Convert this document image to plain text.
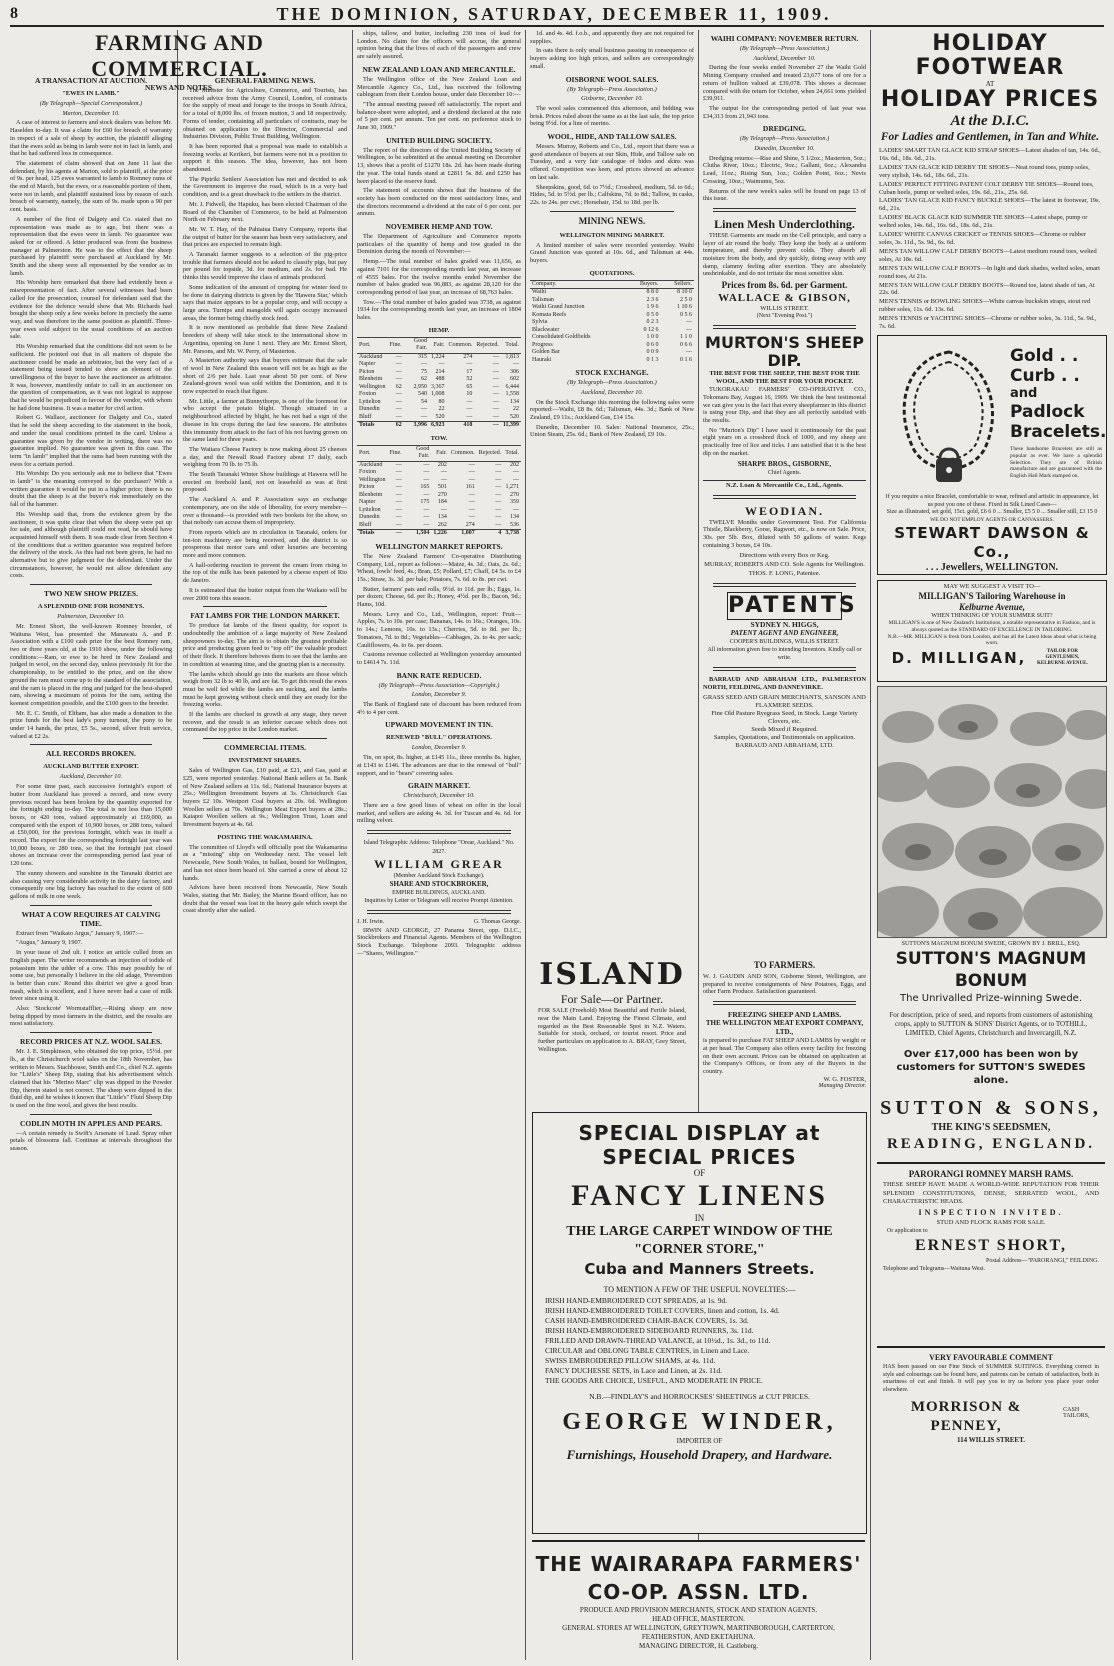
8	THE DOMINION, SATURDAY, DECEMBER 11, 1909.
FARMING AND COMMERCIAL.
NEWS AND NOTES.
A TRANSACTION AT AUCTION.
"EWES IN LAMB."
(By Telegraph—Special Correspondent.)
Marton, December 10.

A case of interest to farmers and stock dealers was before Mr. Haselden to-day. It was a claim for £60 for breach of warranty in respect of a sale of sheep by auction, the plaintiff alleging that the ewes sold as being in lamb were not in fact in lamb, and that he had suffered loss in consequence.

The statement of claim showed that on June 11 last the defendant, by his agents at Marton, sold to plaintiff, at the price of 9s. per head, 125 ewes warranted to lamb to Romney rams of the end of March, but the ewes, or a reasonable portion of them, were not in lamb, and plaintiff sustained loss by reason of such breach of warranty, namely, the sum of 9s. made upon a 90 per cent. basis.

A number of the first of Dalgety and Co. stated that no representation was made as to age, but there was a representation that the ewes were in lamb. No guarantee was asked for or offered. A letter produced was from the business manager at Palmerston. He was to the effect that the sheep purchased by plaintiff were purchased at Auckland by Mr. Smith and the sheep were all represented by the vendor as in lamb.

His Worship here remarked that there had evidently been a misrepresentation of fact. After several witnesses had been called for the prosecution, counsel for defendant said that the evidence for the defence would show that Mr. Richards had bought the sheep only a few weeks before in precisely the same way, and was therefore in the same position as plaintiff. Three-year ewes sold subject to the usual conditions of an auction sale.

His Worship remarked that the conditions did not seem to be sufficient. He pointed out that in all matters of dispute the auctioneer could be made an arbitrator, but the very fact of a statement being issued tended to show an element of the unwillingness of the buyer to have the auctioneer as arbitrator. It was, however, manifestly unfair to call in an auctioneer on the question of compensation, as it was not logical to suppose that he would be prejudiced in favour of the vendor, with whom he had done business. It was a matter for civil action.

Robert G. Wallace, auctioneer for Dalgety and Co., stated that he sold the sheep according to the statement in the book, and under the usual conditions printed in the card. Unless a guarantee was given by the vendor in writing, there was no guarantee implied. No guarantee was given in this case. The term "in lamb" implied that the rams had been running with the ewes for a certain period.

His Worship: Do you seriously ask me to believe that "Ewes in lamb" is the meaning conveyed to the purchaser? With a written guarantee it would be put in a higher price; there is no doubt that the sheep is at the buyer's risk immediately on the fall of the hammer.

His Worship said that, from the evidence given by the auctioneer, it was quite clear that when the sheep were put up for sale, and although plaintiff could not read, he should have acquainted himself with them. It was made clear from Section 4 of the conditions that a written guarantee was required before the delivery of the stock. As this had not been given, he had no alternative but to give judgment for the defendant. Under the circumstances, however, he would not allow defendant any costs.

TWO NEW SHOW PRIZES.
A SPLENDID ONE FOR ROMNEYS.
Palmerston, December 10.

Mr. Ernest Short, the well-known Romney breeder, of Waituna West, has presented the Manawatu A. and P. Association with a £100 cash prize for the best Romney ram, two or three years old, at the 1910 show, under the following conditions:—Ram, or ewe to be bred in New Zealand and judged in wool, on the second day, unless previously fit for the championship, to be entitled to the prize, and on the show ground the ram must come up to the standard of the association, and the ram is placed in the ring and judged for the best-shaped ram, showing a maximum of points for the ram, setting the keenest competition possible, and the £100 goes to the breeder.

Mr. E. C. Smith, of Eltham, has also made a donation to the prize funds for the best lady's pony turnout, the pony to be under 14 hands, the prize, £5 5s., second, silver fruit service, valued at £2 2s.

ALL RECORDS BROKEN.
AUCKLAND BUTTER EXPORT.
Auckland, December 10.

For some time past, each successive fortnight's export of butter from Auckland has proved a record, and now every previous record has been broken by the quantity exported for the fortnight ending to-day. The total is not less than 15,000 boxes, or 420 tons, valued approximately at £69,000, as compared with the export of 10,900 boxes, or 288 tons, valued at £50,000, for the previous fortnight, which was in itself a record. The export for the corresponding fortnight last year was 10,000 boxes, or 280 tons, so that the fortnight just closed shows an increase over the corresponding period last year of 120 tons.

The sunny showers and sunshine in the Taranaki district are also causing very considerable activity in the dairy factory, and consequently one big factory has reached to the extent of 600 gallons of milk in one week.

WHAT A COW REQUIRES AT CALVING TIME.

Extract from "Waikato Argus," January 9, 1907:—

"Augus," January 9, 1907.

In your issue of 2nd ult. I notice an article culled from an English paper. The writer recommends an injection of iodide of potassium into the udder of a cow. This may possibly be of some use, but personally I believe in the old adage, 'Prevention is better than cure.' Round this district we give a good bran mash, which is excellent, and I have never had a case of milk fever since using it.

Also: 'Stockcote' Wormstafflier,—Rising sheep are now being dipped by most farmers in the district, and the results are most satisfactory.

RECORD PRICES AT N.Z. WOOL SALES.

Mr. J. E. Simpkinson, who obtained the top price, 15½d. per lb., at the Christchurch wool sales on the 18th November, has written to Messrs. Stachhouse, Smith and Co., chief N.Z. agents for "Little's" Sheep Dip, stating that his advertisement which claimed that his "Merino Marc" clip was dipped in the Powder Dip, therein stated is not correct. The sheep were dipped in the fluid dip, and he wishes it known that "Little's" Fluid Sheep Dip is used on the fine wool, and gives the best results.

CODLIN MOTH IN APPLES AND PEARS.

—A certain remedy is Swift's Arsenate of Lead. Spray other petals of blossoms fall. Continue at intervals throughout the season.

GENERAL FARMING NEWS.

The Minister for Agriculture, Commerce, and Tourists, has received advice from the Army Council, London, of contracts for the supply of meat and forage to the troops in South Africa, for a total of 8,000 lbs. of frozen mutton, 3 and 18 respectively. Forms of tender, containing all particulars of contracts, may be obtained on application to the Director, Commercial and Industries Division, Public Trust Building, Wellington.

It has been reported that a proposal was made to establish a freezing works at Kerikeri, but farmers were not in a position to support it this season. The idea, however, has not been abandoned.

The Pipiriki Settlers' Association has met and decided to ask the Government to improve the road, which is in a very bad condition, and is a great drawback to the settlers in the district.

Mr. J. Fidwell, the Hapuku, has been elected Chairman of the Board of the Chamber of Commerce, to be held at Palmerston North on February next.

Mr. W. T. Hay, of the Pahiatua Dairy Company, reports that the output of butter for the season has been very satisfactory, and that prices are expected to remain high.

A Taranaki farmer suggests to a selection of the pig-price trouble that farmers should not be asked to classify pigs, but pay per pound for topside, 3d. for medium, and 2s. for bad. He thinks this would improve the class of animals produced.

Some indication of the amount of cropping for winter feed to be done in dairying districts is given by the 'Hawera Star,' which says that maize appears to be a popular crop, and will occupy a large area. Turnips and mangolds will again occupy increased areas, the former being chiefly stock feed.

It is now mentioned as probable that three New Zealand breeders of sheep will take stock to the international show in Argentina, opening on June 1 next. They are Mr. Ernest Short, Mr. Parsons, and Mr. W. Perry, of Masterton.

A Masterton authority says that buyers estimate that the sale of wool in New Zealand this season will not be as high as the short of 2/6 per bale. Last year about 50 per cent. of New Zealand-grown wool was sold within the Dominion, and it is now expected to reach that figure.

Mr. Little, a farmer at Bunnythorpe, is one of the foremost for who accept the potato blight. Though situated in a neighbourhood affected by blight, he has not had a sign of the disease in his crops during the last few seasons. He attributes this immunity from attack to the fact of his not having grown on the same land for three years.

The Waitara Cheese Factory is now making about 25 cheeses a day, and the Newall Road Factory about 17 daily, each weighing from 70 lb. to 75 lb.

The South Taranaki Winter Show buildings at Hawera will be erected on freehold land, not on leasehold as was at first proposed.

The Auckland A. and P. Association says an exchange contemporary, are on the side of liberality, for every member—over a thousand—is provided with two bookets for the show, so that nobody can accuse them of impropriety.

From reports which are in circulation in Taranaki, orders for ten-ton machinery are being received, and the district is so prosperous that motor cars and other luxuries are becoming more and more common.

A hall-ordering reaction to prevent the cream from rising to the top of the milk has been patented by a cheese expert of Rio de Janeiro.

It is estimated that the butter output from the Waikato will be over 2000 tons this season.

FAT LAMBS FOR THE LONDON MARKET.

To produce fat lambs of the finest quality, for export is undoubtedly the ambition of a large majority of New Zealand sheepowners to-day. The aim is to obtain the greatest profitable price and producing green feed to "top off" the valuable product of their flock. It therefore behoves them to see that the lambs are in condition at weaning time, and the grazing plan is a necessity.

The lambs which should go into the markets are those which weigh from 32 lb to 40 lb, and are fat. To get this result the ewes must be well fed while the lambs are sucking, and the lambs must be kept growing without check until they are ready for the freezing works.

If the lambs are checked in growth at any stage, they never recover, and the result is an inferior carcase which does not command the top price in the London market.

COMMERCIAL ITEMS.
INVESTMENT SHARES.

Sales of Wellington Gas, £10 paid, at £21, and Gas, paid at £25, were reported yesterday. National Bank sellers at 5s. Bank of New Zealand sellers at 11s. 6d.; National Insurance buyers at 25s.; Wellington Investment buyers at 3s. Christchurch Gas buyers £2 10s. Westport Coal buyers at 20s. 6d. Wellington Woollen sellers at 70s. Wellington Meat Export buyers at 28s.; Kaiapoi Woollen sellers at 9s.; Wellington Trust, Loan and Investment buyers at 4s. 6d.

POSTING THE WAKAMARINA.

The committee of Lloyd's will officially post the Wakamarina as a "missing" ship on Wednesday next. The vessel left Newcastle, New South Wales, in ballast, bound for Wellington, and has not since been heard of. She carried a crew of about 12 hands.

Advices have been received from Newcastle, New South Wales, stating that Mr. Bailey, the Marine Board officer, has no doubt that the vessel was lost in the heavy gale which swept the coast shortly after she sailed.

ships, tallow, and butter, including 230 tons of lead for London. No claim for the officers will accrue, the general opinion being that the lives of each of the passengers and crew are safely assured.

NEW ZEALAND LOAN AND MERCANTILE.

The Wellington office of the New Zealand Loan and Mercantile Agency Co., Ltd., has received the following cablegram from their London house, under date December 10:—

"The annual meeting passed off satisfactorily. The report and balance-sheet were adopted, and a dividend declared at the rate of 5 per cent. per annum. Ten per cent. on preference stock to June 30, 1909."

UNITED BUILDING SOCIETY.

The report of the directors of the United Building Society of Wellington, to be submitted at the annual meeting on December 13, shows that a profit of £1270 18s. 2d. has been made during the year. The total funds stand at £2811 5s. 8d. and £250 has been placed to the reserve fund.

The statement of accounts shows that the business of the society has been conducted on the most satisfactory lines, and the directors recommend a dividend at the rate of 6 per cent. per annum.

NOVEMBER HEMP AND TOW.

The Department of Agriculture and Commerce reports particulars of the quantity of hemp and tow graded in the Dominion during the month of November:—

Hemp.—The total number of bales graded was 11,656, as against 7101 for the corresponding month last year, an increase of 4555 bales. For the twelve months ended November the number of bales graded was 96,883, as against 28,120 for the corresponding period of last year, an increase of 68,763 bales.

Tow.—The total number of bales graded was 3738, as against 1934 for the corresponding month last year, an increase of 1804 bales.

HEMP.
Port.	Fine.	Good Fair.	Fair.	Common.	Rejected.	Total.
Auckland	—	315	1,224	274	—	1,813
Napier	—	—	—	—	—	—
Picton	—	75	214	17	—	306
Blenheim	—	62	488	52	—	602
Wellington	62	2,950	3,367	65	—	6,444
Foxton	—	540	1,008	10	—	1,558
Lyttelton	—	54	80	—	—	134
Dunedin	—	—	22	—	—	22
Bluff	—	—	520	—	—	520
Totals	62	3,996	6,923	418	—	11,399
TOW.
Port.	Fine.	Good Fair.	Fair.	Common.	Rejected.	Total.
Auckland	—	—	202	—	—	202
Foxton	—	—	—	—	—	—
Wellington	—	—	—	—	—	—
Picton	—	165	501	161	—	1,271
Blenheim	—	—	270	—	—	270
Napier	—	175	184	—	—	359
Lyttelton	—	—	—	—	—	—
Dunedin	—	—	134	—	—	134
Bluff	—	—	262	274	—	536
Totals	—	1,504	1,226	1,007	4	3,738
WELLINGTON MARKET REPORTS.

The New Zealand Farmers' Co-operative Distributing Company, Ltd., report as follows:—Maize, 4s. 3d.; Oats, 2s. 6d.; Wheat, fowls' feed, 4s.; Bran, £5; Pollard, £7; Chaff, £4 5s. to £4 15s.; Straw, 3s. 3d. per bale; Potatoes, 7s. 6d. to 8s. per cwt.

Butter, farmers' pats and rolls, 9½d. to 11d. per lb.; Eggs, 1s. per dozen; Cheese, 6d. per lb.; Honey, 4½d. per lb.; Bacon, 9d.; Hams, 10d.

Messrs. Levy and Co., Ltd., Wellington, report: Fruit—Apples, 7s. to 10s. per case; Bananas, 14s. to 16s.; Oranges, 10s. to 14s.; Lemons, 10s. to 13s.; Cherries, 5d. to 8d. per lb.; Tomatoes, 7d. to 8d.; Vegetables—Cabbages, 2s. to 4s. per sack; Cauliflowers, 4s. to 6s. per dozen.

Customs revenue collected at Wellington yesterday amounted to £4614 7s. 11d.

BANK RATE REDUCED.
(By Telegraph—Press Association—Copyright.)
London, December 9.

The Bank of England rate of discount has been reduced from 4½ to 4 per cent.

UPWARD MOVEMENT IN TIN.
RENEWED "BULL" OPERATIONS.
London, December 9.

Tin, on spot, 8s. higher, at £145 11s., three months 8s. higher, at £143 to £146. The advances are due to the renewal of "bull" support, and to "bears" covering sales.

GRAIN MARKET.
Christchurch, December 10.

There are a few good lines of wheat on offer in the local market, and sellers are asking 4s. 3d. for Tuscan and 4s. 6d. for milling velvet.

Island Telegraphic Address: Telephone "Orear, Auckland." No. 2827.
WILLIAM GREAR
(Member Auckland Stock Exchange).
SHARE AND STOCKBROKER,
EMPIRE BUILDINGS, AUCKLAND.
Inquiries by Letter or Telegram will receive Prompt Attention.
J. H. Irwin.	G. Thomas George.

IRWIN AND GEORGE, 27 Panama Street, opp. D.I.C., Stockbrokers and Financial Agents. Members of the Wellington Stock Exchange. Telephone 2093. Telegraphic address—"Shares, Wellington."

1d. and 4s. 4d. f.o.b., and apparently they are not required for supplies.

In oats there is only small business passing in consequence of buyers asking too high prices, and sellers are correspondingly small.

OISBORNE WOOL SALES.
(By Telegraph—Press Association.)
Gisborne, December 10.

The wool sales commenced this afternoon, and bidding was brisk. Prices ruled about the same as at the last sale, the top price being 9½d. for a line of merino.

WOOL, HIDE, AND TALLOW SALES.

Messrs. Murray, Roberts and Co., Ltd., report that there was a good attendance of buyers at our Skin, Hide, and Tallow sale on Tuesday, and a very fair catalogue of hides and skins was offered. Competition was keen, and prices showed an advance on last sale.

Sheepskins, good, 6d. to 7½d.; Crossbred, medium, 5d. to 6d.; Hides, 5d. to 5½d. per lb.; Calfskins, 7d. to 8d.; Tallow, in casks, 22s. to 24s. per cwt.; Horsehair, 15d. to 18d. per lb.

MINING NEWS.
WELLINGTON MINING MARKET.

A limited number of sales were recorded yesterday. Waihi Grand Junction was quoted at 10s. 6d., and Talisman at 44s. buyers.

QUOTATIONS.
Company.	Buyers.	Sellers.
Waihi	8 8 0	8 10 0
Talisman	2 3 6	2 5 0
Waihi Grand Junction	1 9 6	1 10 6
Komata Reefs	0 5 0	0 5 6
Sylvia	0 2 3	—
Blackwater	0 12 6	—
Consolidated Goldfields	1 0 0	1 1 0
Progress	0 6 0	0 6 6
Golden Bar	0 0 9	—
Hauraki	0 1 3	0 1 6
STOCK EXCHANGE.
(By Telegraph—Press Association.)
Auckland, December 10.

On the Stock Exchange this morning the following sales were reported:—Waihi, £8 8s. 6d.; Talisman, 44s. 3d.; Bank of New Zealand, £9 11s.; Auckland Gas, £14 15s.

Dunedin, December 10. Sales: National Insurance, 25s.; Union Steam, 25s. 6d.; Bank of New Zealand, £9 10s.

ISLAND
For Sale—or Partner.
FOR SALE (Freehold) Most Beautiful and Fertile Island, near the Main Land. Enjoying the Finest Climate, and regarded as the Best Reasonable Spot in N.Z. Waters. Suitable for stock, orchard, or tourist resort. Price and further particulars on application to A. BRAY, Grey Street, Wellington.
SPECIAL DISPLAY at SPECIAL PRICES
OF
FANCY LINENS
IN
THE LARGE CARPET WINDOW OF THE "CORNER STORE,"
Cuba and Manners Streets.
TO MENTION A FEW OF THE USEFUL NOVELTIES:—
IRISH HAND-EMBROIDERED COT SPREADS, at 1s. 9d.
IRISH HAND-EMBROIDERED TOILET COVERS, linen and cotton, 1s. 4d.
CASH HAND-EMBROIDERED CHAIR-BACK COVERS, 1s. 3d.
IRISH HAND-EMBROIDERED SIDEBOARD RUNNERS, 3s. 11d.
FRILLED AND DRAWN-THREAD VALANCE, at 10½d., 1s. 3d., to 11d.
CIRCULAR and OBLONG TABLE CENTRES, in Linen and Lace.
SWISS EMBROIDERED PILLOW SHAMS, at 4s. 11d.
FANCY DUCHESSE SETS, in Lace and Linen, at 2s. 11d.
THE GOODS ARE CHOICE, USEFUL, AND MODERATE IN PRICE.
N.B.—FINDLAY'S and HORROCKSES' SHEETINGS at CUT PRICES.
GEORGE WINDER,
IMPORTER OF
Furnishings, Household Drapery, and Hardware.
THE WAIRARAPA FARMERS' CO-OP. ASSN. LTD.
PRODUCE AND PROVISION MERCHANTS, STOCK AND STATION AGENTS.
HEAD OFFICE, MASTERTON.
GENERAL STORES AT WELLINGTON, GREYTOWN, MARTINBOROUGH, CARTERTON, FEATHERSTON, AND EKETAHUNA.
MANAGING DIRECTOR, H. Castleberg.
WAIHI COMPANY: NOVEMBER RETURN.
(By Telegraph—Press Association.)
Auckland, December 10.

During the four weeks ended November 27 the Waihi Gold Mining Company crushed and treated 23,677 tons of ore for a return of bullion valued at £39,078. This shows a decrease compared with the return for October, when 24,661 tons yielded £39,911.

The output for the corresponding period of last year was £34,313 from 21,943 tons.

DREDGING.
(By Telegraph—Press Association.)
Dunedin, December 10.

Dredging returns:—Rise and Shine, 5 1/2oz.; Masterton, 5oz.; Clutha River, 10oz.; Electric, 9oz.; Gallant, 6oz.; Alexandra Lead, 11oz.; Rising Sun, 1oz.; Golden Point, 6oz.; Nevis Crossing, 10oz.; Waimumu, 5oz.

Returns of the new week's sales will be found on page 13 of this issue.

Linen Mesh Underclothing.

THESE Garments are made on the Cell principle, and carry a layer of air round the body. They keep the body at a uniform temperature, and thereby prevent colds. They absorb all moisture from the body, and dry quickly, doing away with any damp, clammy feeling after exertion. They are absolutely unshrinkable, and do not irritate the most sensitive skin.

Prices from 8s. 6d. per Garment.
WALLACE & GIBSON,
WILLIS STREET.
(Next "Evening Post.")
MURTON'S SHEEP DIP.
THE BEST FOR THE SHEEP, THE BEST FOR THE WOOL, AND THE BEST FOR YOUR POCKET.

TUKORAKAU FARMERS' CO-OPERATIVE CO., Tokomaru Bay, August 16, 1909. We think the best testimonial we can give you is the fact that every sheepfarmer in this district is using your Dip, and that they are all perfectly satisfied with the results.

No "Murton's Dip" I have used it continuously for the past eight years on a crossbred flock of 1000, and my sheep are practically free of lice and ticks. I am satisfied that it is the best dip on the market.

SHARPE BROS., GISBORNE,
Chief Agents.
N.Z. Loan & Mercantile Co., Ltd., Agents.
WEODIAN.

TWELVE Months under Government Test. For California Thistle, Blackberry, Gorse, Ragwort, etc., is now on Sale. Price, 30s. per 5lb. Box, diluted with 50 gallons of water. Kegs containing 3 boxes, £4 10s.

Directions with every Box or Keg.
MURRAY, ROBERTS AND CO. Sole Agents for Wellington.
THOS. F. LONG, Patentee.
PATENTS
SYDNEY N. HIGGS,
PATENT AGENT AND ENGINEER,
COOPER'S BUILDINGS, WILLIS STREET.
All information given free to intending Inventors. Kindly call or write.

BARRAUD AND ABRAHAM LTD., PALMERSTON NORTH, FEILDING, AND DANNEVIRKE.

GRASS SEED AND GRAIN MERCHANTS, SANSON AND FLAXMERE SEEDS.
Fine Old Pasture Ryegrass Seed, in Stock. Large Variety Clovers, etc.
Seeds Mixed if Required.
Samples, Quotations, and Testimonials on application.
BARRAUD AND ABRAHAM, LTD.
TO FARMERS.

W. J. GAUDIN AND SON, Gisborne Street, Wellington, are prepared to receive consignments of New Potatoes, Eggs, and other Farm Produce. Satisfaction guaranteed.

FREEZING SHEEP AND LAMBS.
THE WELLINGTON MEAT EXPORT COMPANY, LTD.,

is prepared to purchase FAT SHEEP AND LAMBS by weight or at per head. The Company also offers every facility for freezing on their own account. Prices can be obtained on application at the Company's Offices, or from any of the Buyers in the country.

W. G. FOSTER,
Managing Director.
HOLIDAY FOOTWEAR
AT
HOLIDAY PRICES
At the D.I.C.
For Ladies and Gentlemen, in Tan and White.
LADIES' SMART TAN GLACE KID STRAP SHOES—Latest shades of tan, 14s. 6d., 16s. 6d., 18s. 6d., 21s.
LADIES' TAN GLACE KID DERBY TIE SHOES—Neat round toes, pump soles, very stylish, 14s. 6d., 18s. 6d., 21s.
LADIES' PERFECT FITTING PATENT COLT DERBY TIE SHOES—Round toes, Cuban heels, pump or welted soles, 19s. 6d., 21s., 25s. 6d.
LADIES' TAN GLACE KID FANCY BUCKLE SHOES—The latest in footwear, 19s. 6d., 21s.
LADIES' BLACK GLACE KID SUMMER TIE SHOES—Latest shape, pump or welted soles, 14s. 6d., 16s. 6d., 18s. 6d., 21s.
LADIES' WHITE CANVAS CRICKET or TENNIS SHOES—Chrome or rubber soles, 3s. 11d., 5s. 9d., 6s. 6d.
MEN'S TAN WILLOW CALF DERBY BOOTS—Latest medium round toes, welted soles, At 18s. 6d.
MEN'S TAN WILLOW CALF BOOTS—In light and dark shades, welted soles, smart round toes, At 21s.
MEN'S TAN WILLOW CALF DERBY BOOTS—Round toe, latest shade of tan, At 22s. 6d.
MEN'S TENNIS or BOWLING SHOES—White canvas buckskin straps, stout red rubber soles, 11s. 6d. 13s. 6d.
MEN'S TENNIS or YACHTING SHOES—Chrome or rubber soles, 3s. 11d., 5s. 9d., 7s. 6d.
Gold . .
Curb . .
and
Padlock
Bracelets.
These handsome Bracelets are still as popular as ever. We have a splendid Selection. They are of British manufacture and are guaranteed with the English Hall Mark stamped on.
If you require a nice Bracelet, comfortable to wear, refined and artistic in appearance, let us post you one of these. Fixed in Silk Lined Cases—
Size as illustrated, set gold, 15ct. gold, £6 6 0 ... Smaller, £5 5 0 ... Smaller still, £3 15 0
WE DO NOT EMPLOY AGENTS OR CANVASSERS.
STEWART DAWSON & Co.,
. . . Jewellers, WELLINGTON.
MAY WE SUGGEST A VISIT TO—
MILLIGAN'S Tailoring Warehouse in
Kelburne Avenue,
WHEN THINKING OF YOUR SUMMER SUIT?
MILLIGAN'S is one of New Zealand's Institutions, a notable representative in Fashion, and is always quoted as the STANDARD OF EXCELLENCE IN TAILORING.
N.B.—MR. MILLIGAN is fresh from London, and has all the Latest Ideas about what is being worn.
D. MILLIGAN,	TAILOR FOR GENTLEMEN, KELBURNE AVENUE.
SUTTON'S MAGNUM BONUM SWEDE, GROWN BY J. BRILL, ESQ.
SUTTON'S MAGNUM BONUM
The Unrivalled Prize-winning Swede.
For description, price of seed, and reports from customers of astonishing crops, apply to SUTTON & SONS' District Agents, or to TOTHILL, LIMITED, Chief Agents, Christchurch and Invercargill, N.Z.
Over £17,000 has been won by customers for SUTTON'S SWEDES alone.
SUTTON & SONS,
THE KING'S SEEDSMEN,
READING, ENGLAND.
PARORANGI ROMNEY MARSH RAMS.
THESE SHEEP HAVE MADE A WORLD-WIDE REPUTATION FOR THEIR SPLENDID CONSTITUTIONS, DENSE, SERRATED WOOL, AND CHARACTERISTIC HEADS.
INSPECTION INVITED.
STUD AND FLOCK RAMS FOR SALE.
Or application to
ERNEST SHORT,
Postal Address—"PARORANGI," FEILDING.
Telephone and Telegrams—Waituna West.
VERY FAVOURABLE COMMENT
HAS been passed on our Fine Stock of SUMMER SUITINGS. Everything correct in style and colourings can be found here, and patrons can be certain of satisfaction, both in smartness of cut and finish. It will pay you to try us before you place your order elsewhere.
MORRISON & PENNEY,
CASH TAILORS,
114 WILLIS STREET.
